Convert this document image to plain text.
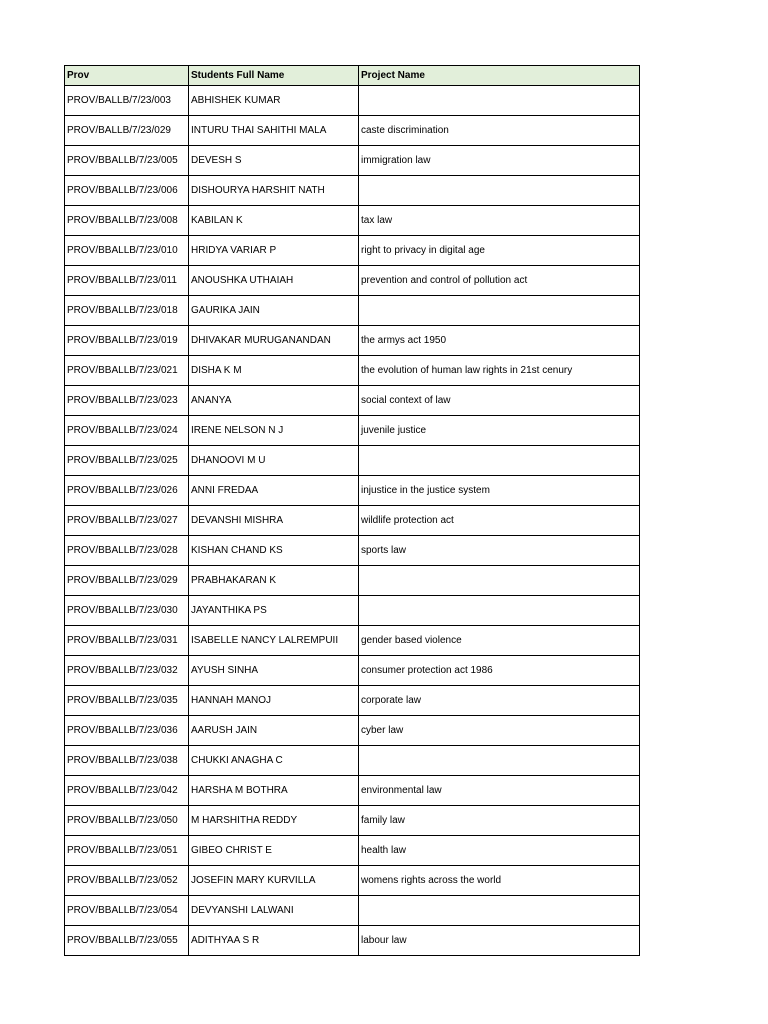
Prov	Students Full Name	Project Name
PROV/BALLB/7/23/003	ABHISHEK KUMAR	
PROV/BALLB/7/23/029	INTURU THAI SAHITHI MALA	caste discrimination
PROV/BBALLB/7/23/005	DEVESH S	immigration law
PROV/BBALLB/7/23/006	DISHOURYA HARSHIT NATH	
PROV/BBALLB/7/23/008	KABILAN K	tax law
PROV/BBALLB/7/23/010	HRIDYA VARIAR P	right to privacy in digital age
PROV/BBALLB/7/23/011	ANOUSHKA UTHAIAH	prevention and control of pollution act
PROV/BBALLB/7/23/018	GAURIKA JAIN	
PROV/BBALLB/7/23/019	DHIVAKAR MURUGANANDAN	the armys act 1950
PROV/BBALLB/7/23/021	DISHA K M	the evolution of human law rights in 21st cenury
PROV/BBALLB/7/23/023	ANANYA	social context of law
PROV/BBALLB/7/23/024	IRENE NELSON N J	juvenile justice
PROV/BBALLB/7/23/025	DHANOOVI M U	
PROV/BBALLB/7/23/026	ANNI FREDAA	injustice in the justice system
PROV/BBALLB/7/23/027	DEVANSHI MISHRA	wildlife protection act
PROV/BBALLB/7/23/028	KISHAN CHAND KS	sports law
PROV/BBALLB/7/23/029	PRABHAKARAN K	
PROV/BBALLB/7/23/030	JAYANTHIKA PS	
PROV/BBALLB/7/23/031	ISABELLE NANCY LALREMPUII	gender based violence
PROV/BBALLB/7/23/032	AYUSH SINHA	consumer protection act 1986
PROV/BBALLB/7/23/035	HANNAH MANOJ	corporate law
PROV/BBALLB/7/23/036	AARUSH JAIN	cyber law
PROV/BBALLB/7/23/038	CHUKKI ANAGHA C	
PROV/BBALLB/7/23/042	HARSHA M BOTHRA	environmental law
PROV/BBALLB/7/23/050	M HARSHITHA REDDY	family law
PROV/BBALLB/7/23/051	GIBEO CHRIST E	health law
PROV/BBALLB/7/23/052	JOSEFIN MARY KURVILLA	womens rights across the world
PROV/BBALLB/7/23/054	DEVYANSHI LALWANI	
PROV/BBALLB/7/23/055	ADITHYAA S R	labour law
